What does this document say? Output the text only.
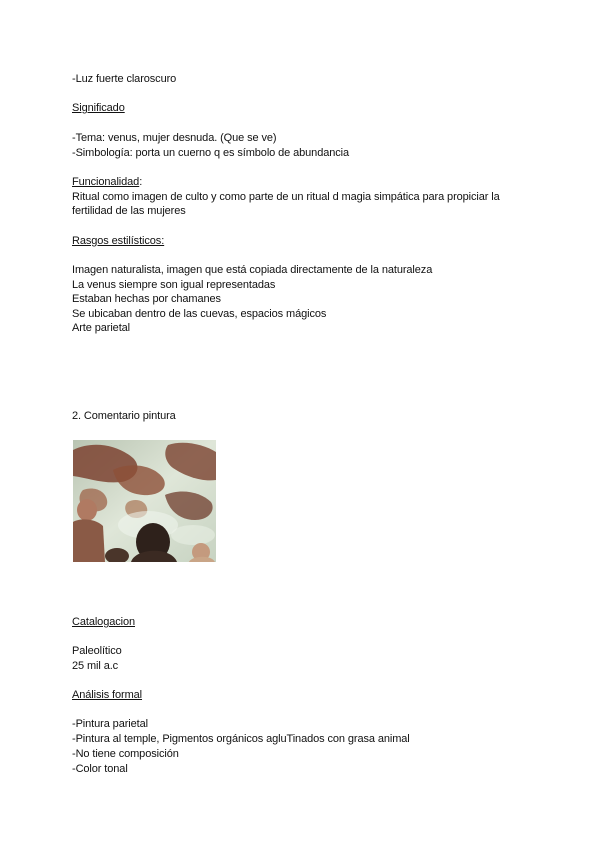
-Luz fuerte claroscuro
Significado
-Tema: venus, mujer desnuda. (Que se ve)
-Simbología: porta un cuerno q es símbolo de abundancia
Funcionalidad:
Ritual como imagen de culto y como parte de un ritual d magia simpática para propiciar la fertilidad de las mujeres
Rasgos estilísticos:
Imagen naturalista, imagen que está copiada directamente de la naturaleza
La venus siempre son igual representadas
Estaban hechas por chamanes
Se ubicaban dentro de las cuevas, espacios mágicos
Arte parietal
2. Comentario pintura
Catalogacion
Paleolítico
25 mil a.c
Análisis formal
-Pintura parietal
-Pintura al temple, Pigmentos orgánicos agluTinados con grasa animal
-No tiene composición
-Color tonal
